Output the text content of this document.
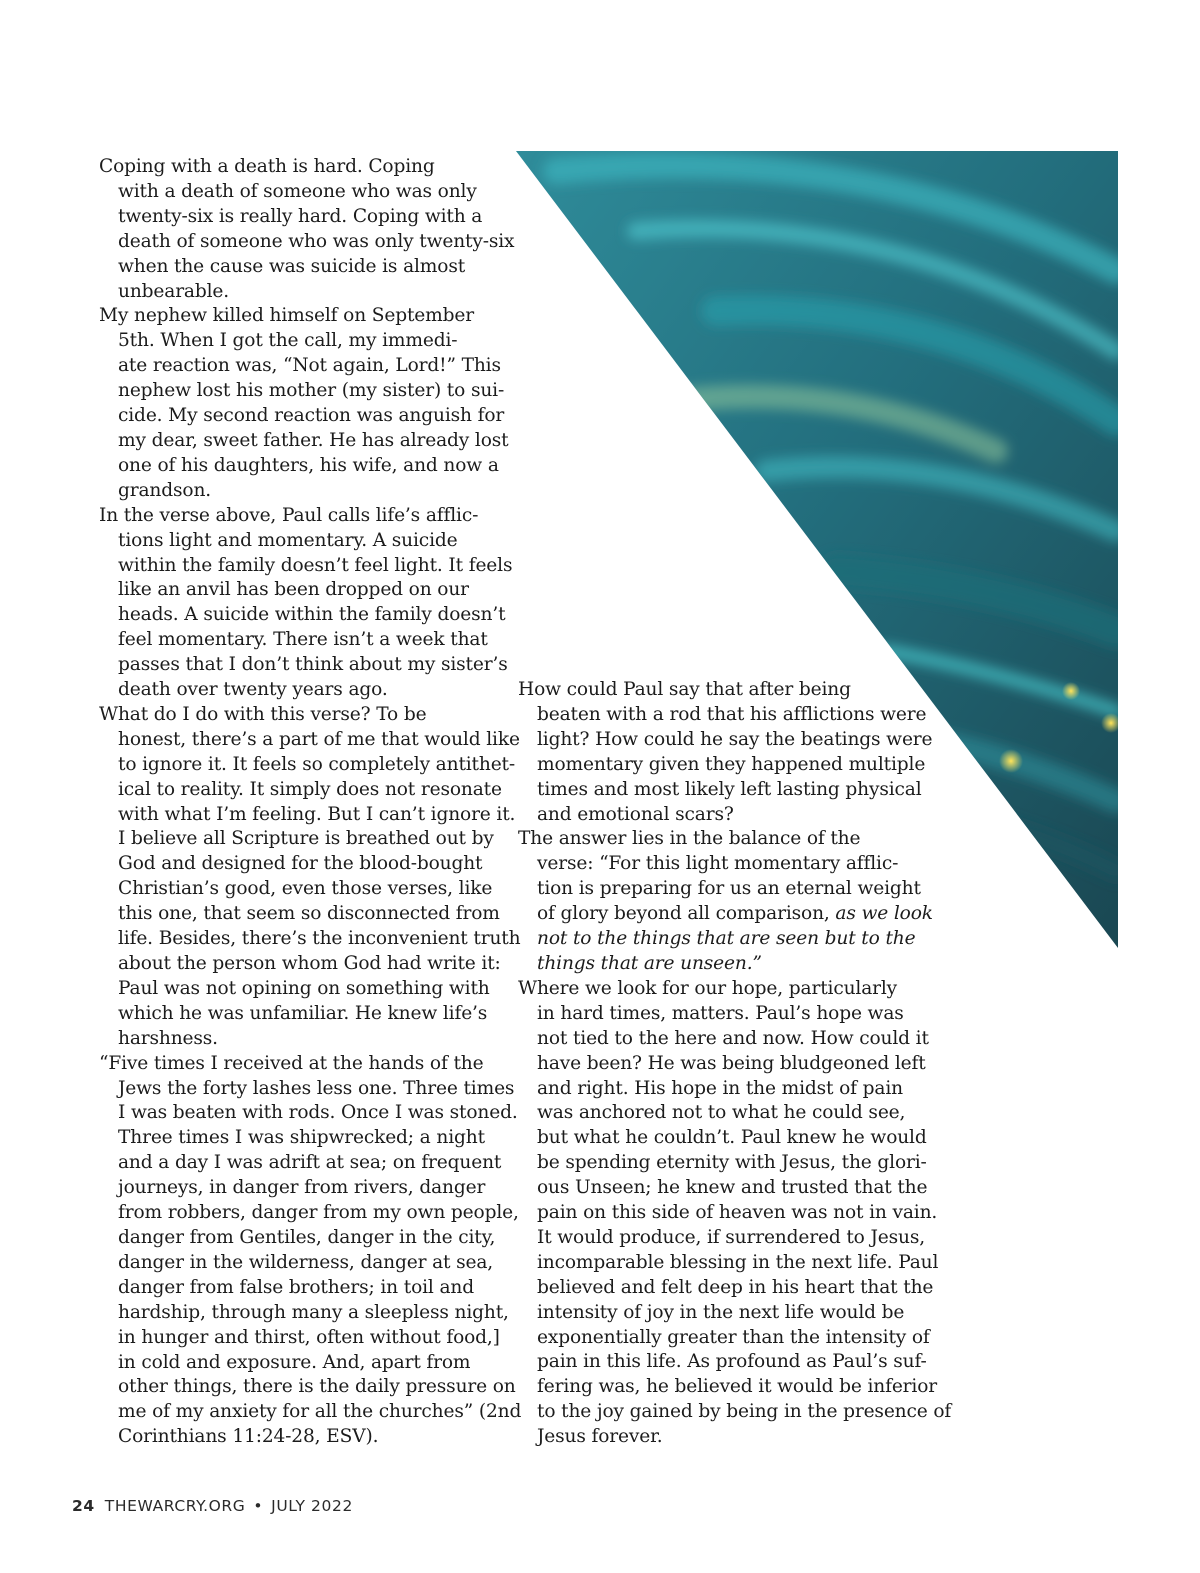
Coping with a death is hard. Coping
with a death of someone who was only
twenty-six is really hard. Coping with a
death of someone who was only twenty-six
when the cause was suicide is almost
unbearable.

My nephew killed himself on September
5th. When I got the call, my immedi-
ate reaction was, “Not again, Lord!” This
nephew lost his mother (my sister) to sui-
cide. My second reaction was anguish for
my dear, sweet father. He has already lost
one of his daughters, his wife, and now a
grandson.

In the verse above, Paul calls life’s afflic-
tions light and momentary. A suicide
within the family doesn’t feel light. It feels
like an anvil has been dropped on our
heads. A suicide within the family doesn’t
feel momentary. There isn’t a week that
passes that I don’t think about my sister’s
death over twenty years ago.

What do I do with this verse? To be
honest, there’s a part of me that would like
to ignore it. It feels so completely antithet-
ical to reality. It simply does not resonate
with what I’m feeling. But I can’t ignore it.
I believe all Scripture is breathed out by
God and designed for the blood-bought
Christian’s good, even those verses, like
this one, that seem so disconnected from
life. Besides, there’s the inconvenient truth
about the person whom God had write it:
Paul was not opining on something with
which he was unfamiliar. He knew life’s
harshness.

“Five times I received at the hands of the
Jews the forty lashes less one. Three times
I was beaten with rods. Once I was stoned.
Three times I was shipwrecked; a night
and a day I was adrift at sea; on frequent
journeys, in danger from rivers, danger
from robbers, danger from my own people,
danger from Gentiles, danger in the city,
danger in the wilderness, danger at sea,
danger from false brothers; in toil and
hardship, through many a sleepless night,
in hunger and thirst, often without food,]
in cold and exposure. And, apart from
other things, there is the daily pressure on
me of my anxiety for all the churches” (2nd
Corinthians 11:24-28, ESV).

How could Paul say that after being
beaten with a rod that his afflictions were
light? How could he say the beatings were
momentary given they happened multiple
times and most likely left lasting physical
and emotional scars?

The answer lies in the balance of the
verse: “For this light momentary afflic-
tion is preparing for us an eternal weight
of glory beyond all comparison, as we look
not to the things that are seen but to the
things that are unseen.”

Where we look for our hope, particularly
in hard times, matters. Paul’s hope was
not tied to the here and now. How could it
have been? He was being bludgeoned left
and right. His hope in the midst of pain
was anchored not to what he could see,
but what he couldn’t. Paul knew he would
be spending eternity with Jesus, the glori-
ous Unseen; he knew and trusted that the
pain on this side of heaven was not in vain.
It would produce, if surrendered to Jesus,
incomparable blessing in the next life. Paul
believed and felt deep in his heart that the
intensity of joy in the next life would be
exponentially greater than the intensity of
pain in this life. As profound as Paul’s suf-
fering was, he believed it would be inferior
to the joy gained by being in the presence of
Jesus forever.

24 THEWARCRY.ORG • JULY 2022
